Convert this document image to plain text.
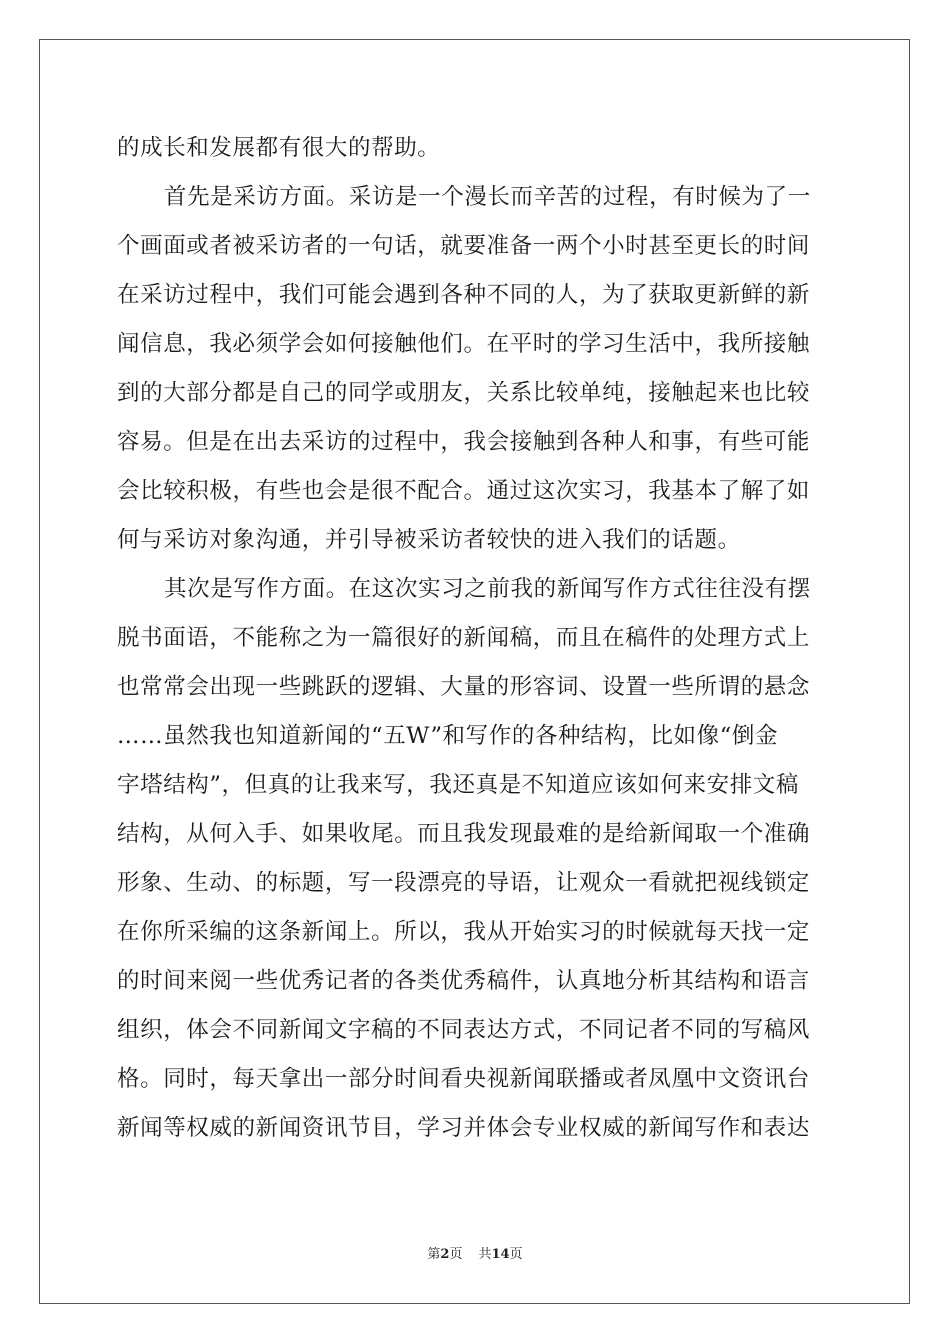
的成长和发展都有很大的帮助。
首先是采访方面。采访是一个漫长而辛苦的过程，有时候为了一
个画面或者被采访者的一句话，就要准备一两个小时甚至更长的时间
在采访过程中，我们可能会遇到各种不同的人，为了获取更新鲜的新
闻信息，我必须学会如何接触他们。在平时的学习生活中，我所接触
到的大部分都是自己的同学或朋友，关系比较单纯，接触起来也比较
容易。但是在出去采访的过程中，我会接触到各种人和事，有些可能
会比较积极，有些也会是很不配合。通过这次实习，我基本了解了如
何与采访对象沟通，并引导被采访者较快的进入我们的话题。
其次是写作方面。在这次实习之前我的新闻写作方式往往没有摆
脱书面语，不能称之为一篇很好的新闻稿，而且在稿件的处理方式上
也常常会出现一些跳跃的逻辑、大量的形容词、设置一些所谓的悬念
……虽然我也知道新闻的“五W”和写作的各种结构，比如像“倒金
字塔结构”，但真的让我来写，我还真是不知道应该如何来安排文稿
结构，从何入手、如果收尾。而且我发现最难的是给新闻取一个准确
形象、生动、的标题，写一段漂亮的导语，让观众一看就把视线锁定
在你所采编的这条新闻上。所以，我从开始实习的时候就每天找一定
的时间来阅一些优秀记者的各类优秀稿件，认真地分析其结构和语言
组织，体会不同新闻文字稿的不同表达方式，不同记者不同的写稿风
格。同时，每天拿出一部分时间看央视新闻联播或者凤凰中文资讯台
新闻等权威的新闻资讯节目，学习并体会专业权威的新闻写作和表达
第2页 共14页
